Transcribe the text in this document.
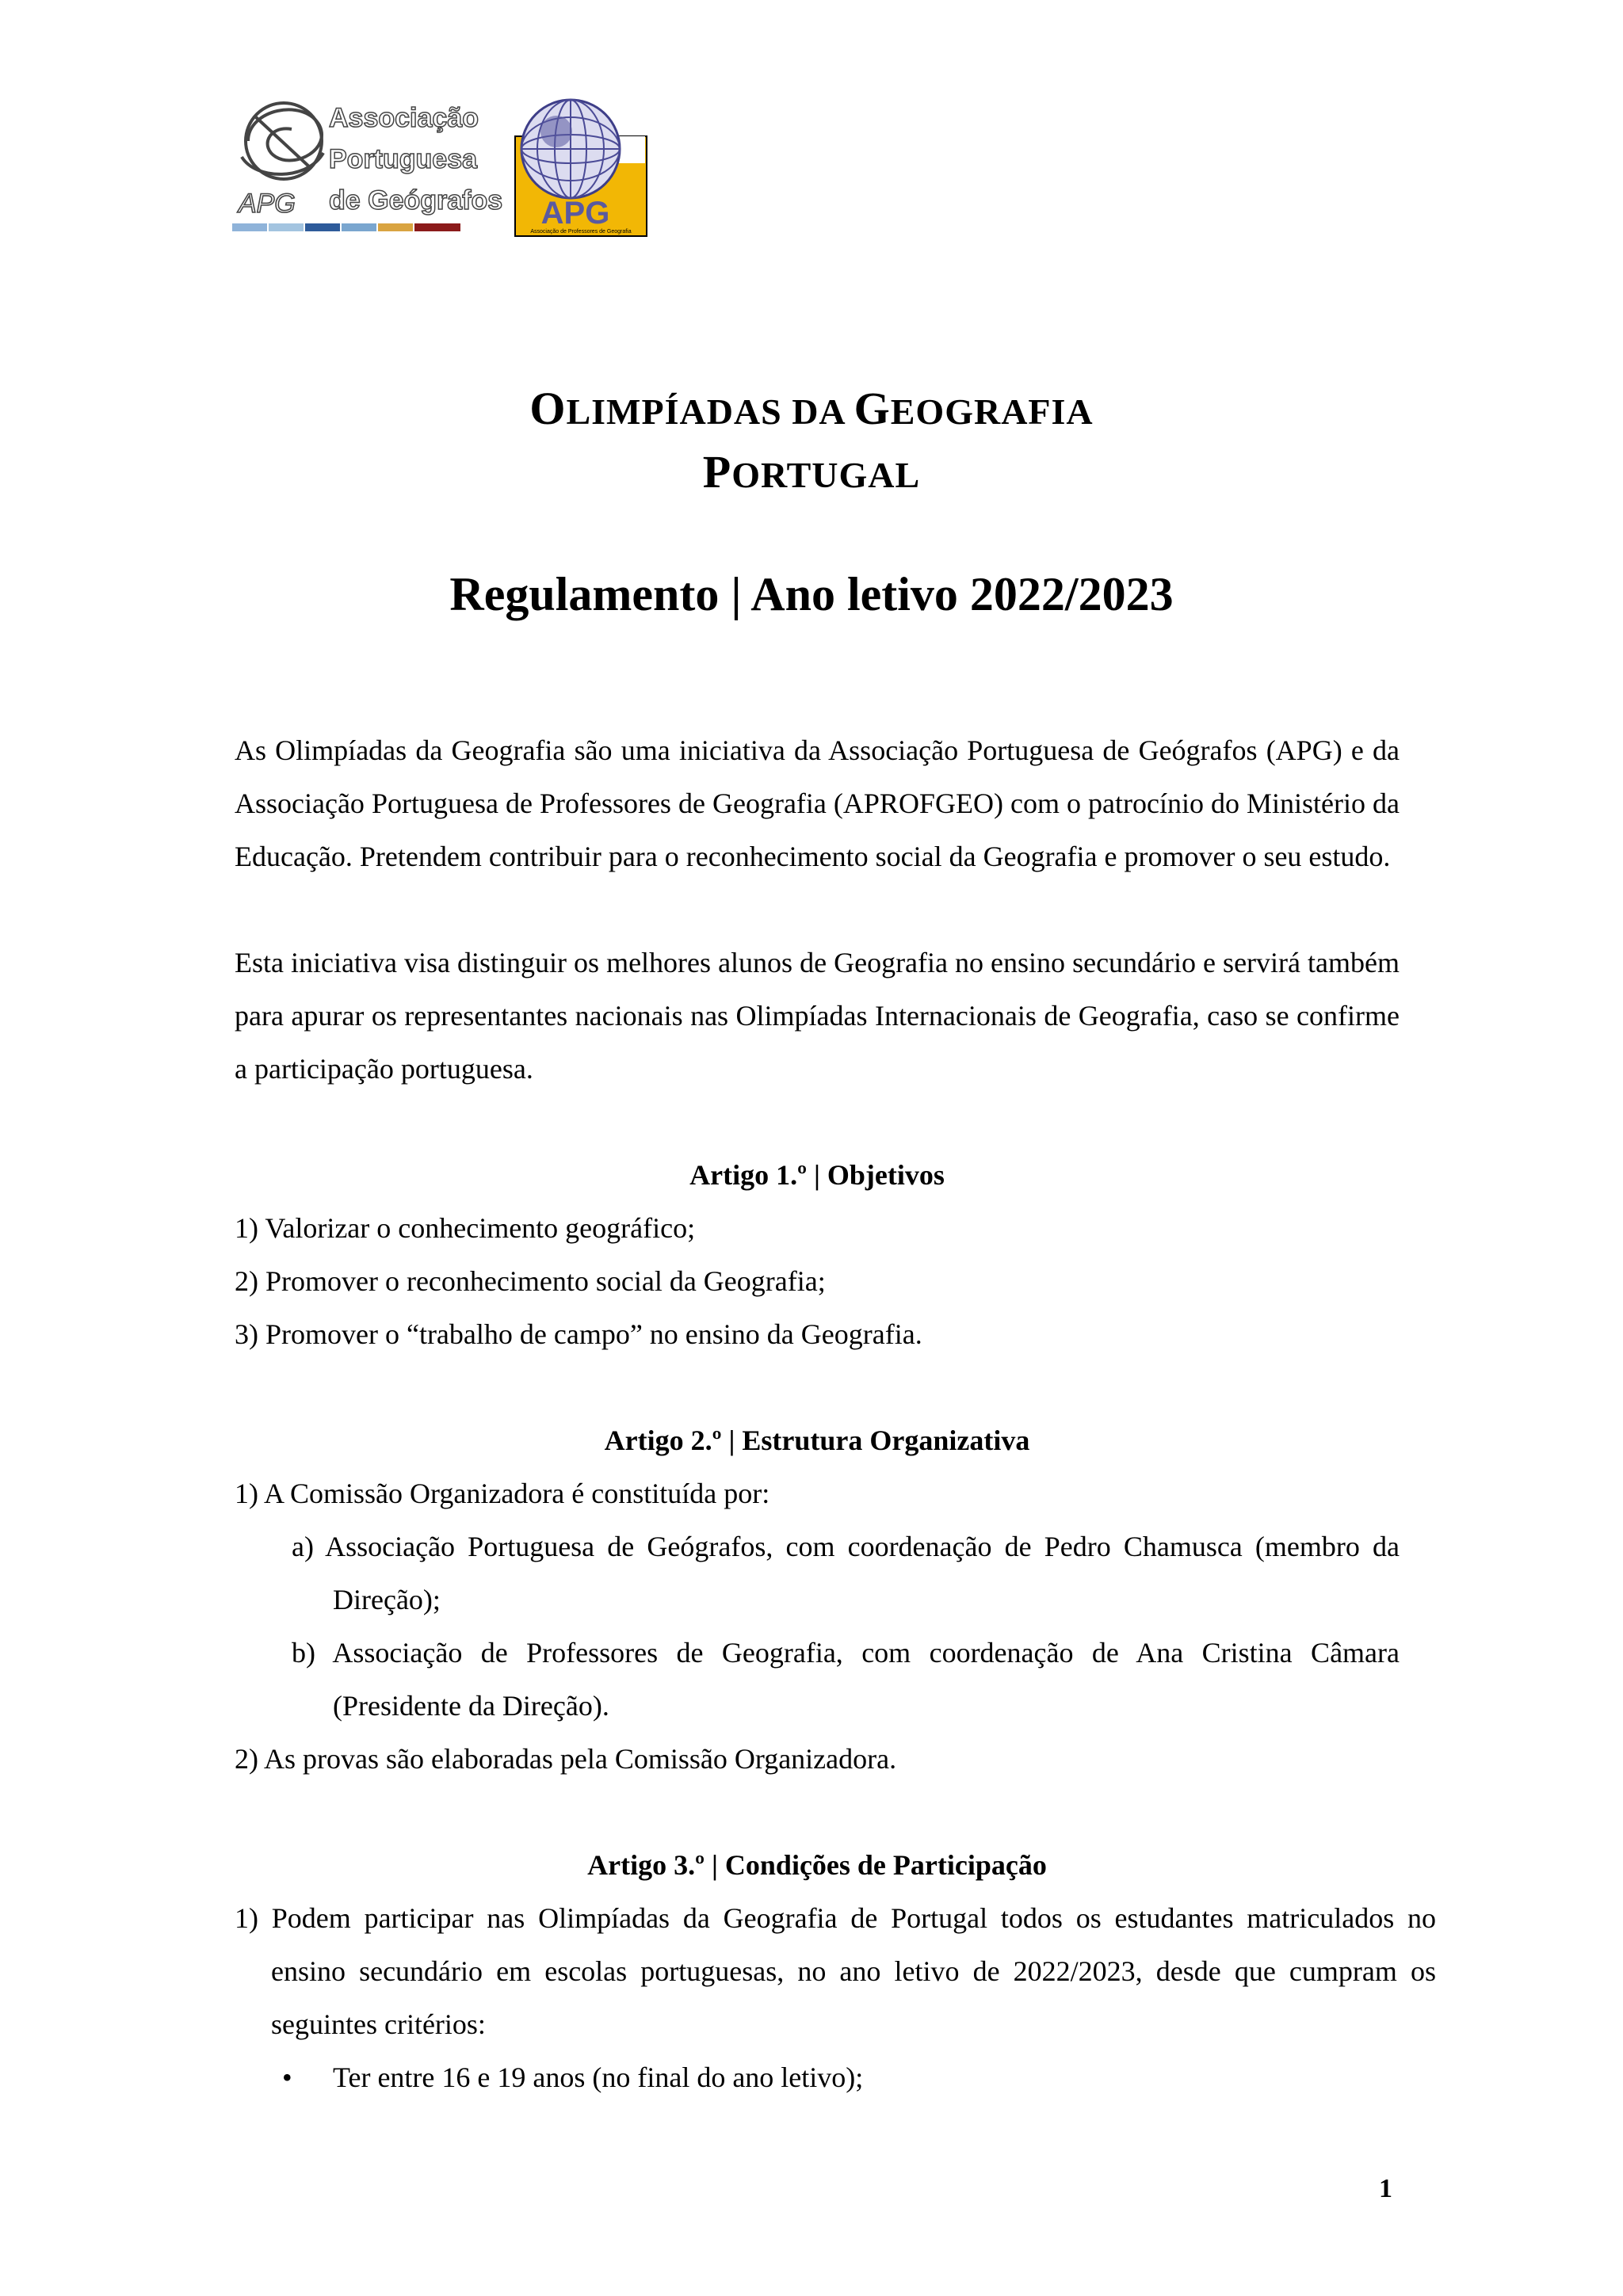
APG
Associação
Portuguesa
de Geógrafos APG
Associação de Professores de Geografia
OLIMPÍADAS DA GEOGRAFIA
PORTUGAL
Regulamento | Ano letivo 2022/2023
As Olimpíadas da Geografia são uma iniciativa da Associação Portuguesa de Geógrafos (APG) e da Associação Portuguesa de Professores de Geografia (APROFGEO) com o patrocínio do Ministério da Educação. Pretendem contribuir para o reconhecimento social da Geografia e promover o seu estudo.
Esta iniciativa visa distinguir os melhores alunos de Geografia no ensino secundário e servirá também para apurar os representantes nacionais nas Olimpíadas Internacionais de Geografia, caso se confirme a participação portuguesa.
Artigo 1.º | Objetivos
1) Valorizar o conhecimento geográfico;
2) Promover o reconhecimento social da Geografia;
3) Promover o “trabalho de campo” no ensino da Geografia.
Artigo 2.º | Estrutura Organizativa
1) A Comissão Organizadora é constituída por:
a) Associação Portuguesa de Geógrafos, com coordenação de Pedro Chamusca (membro da Direção);
b) Associação de Professores de Geografia, com coordenação de Ana Cristina Câmara (Presidente da Direção).
2) As provas são elaboradas pela Comissão Organizadora.
Artigo 3.º | Condições de Participação
1) Podem participar nas Olimpíadas da Geografia de Portugal todos os estudantes matriculados no ensino secundário em escolas portuguesas, no ano letivo de 2022/2023, desde que cumpram os seguintes critérios:
• Ter entre 16 e 19 anos (no final do ano letivo);
1
